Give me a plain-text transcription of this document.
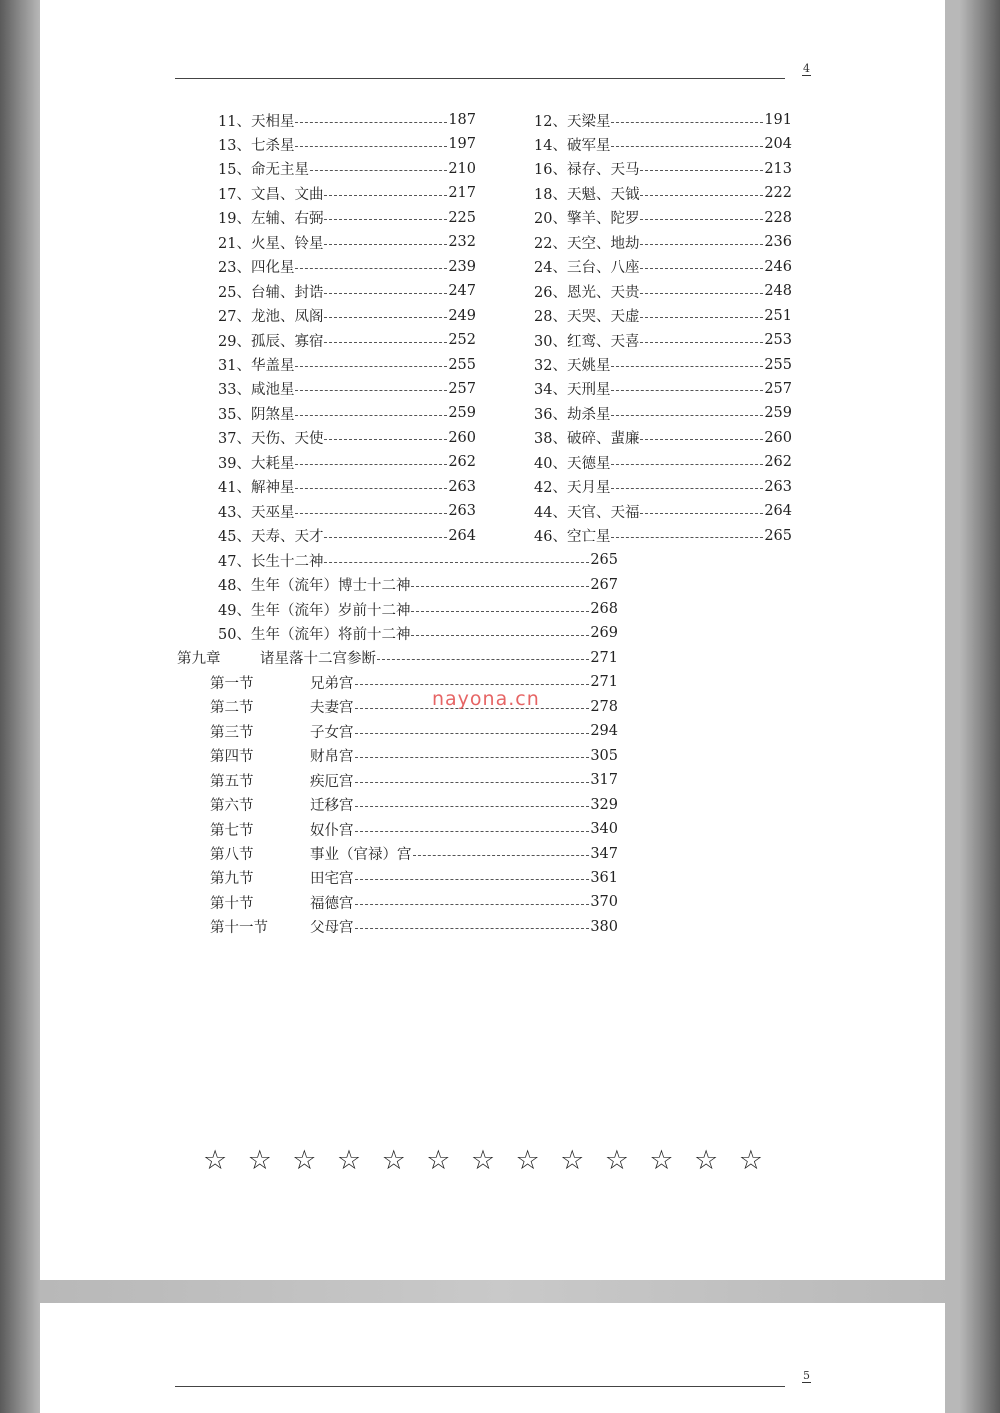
4
11、天相星	187
13、七杀星	197
15、命无主星	210
17、文昌、文曲	217
19、左辅、右弼	225
21、火星、铃星	232
23、四化星	239
25、台辅、封诰	247
27、龙池、凤阁	249
29、孤辰、寡宿	252
31、华盖星	255
33、咸池星	257
35、阴煞星	259
37、天伤、天使	260
39、大耗星	262
41、解神星	263
43、天巫星	263
45、天寿、天才	264
12、天梁星	191
14、破军星	204
16、禄存、天马	213
18、天魁、天钺	222
20、擎羊、陀罗	228
22、天空、地劫	236
24、三台、八座	246
26、恩光、天贵	248
28、天哭、天虚	251
30、红鸾、天喜	253
32、天姚星	255
34、天刑星	257
36、劫杀星	259
38、破碎、蜚廉	260
40、天德星	262
42、天月星	263
44、天官、天福	264
46、空亡星	265
47、长生十二神	265
48、生年（流年）博士十二神	267
49、生年（流年）岁前十二神	268
50、生年（流年）将前十二神	269
第九章	诸星落十二宫参断	271
第一节	兄弟宫	271
第二节	夫妻宫	278
第三节	子女宫	294
第四节	财帛宫	305
第五节	疾厄宫	317
第六节	迁移宫	329
第七节	奴仆宫	340
第八节	事业（官禄）宫	347
第九节	田宅宫	361
第十节	福德宫	370
第十一节	父母宫	380
nayona.cn
☆ ☆ ☆ ☆ ☆ ☆ ☆ ☆ ☆ ☆ ☆ ☆ ☆
5
